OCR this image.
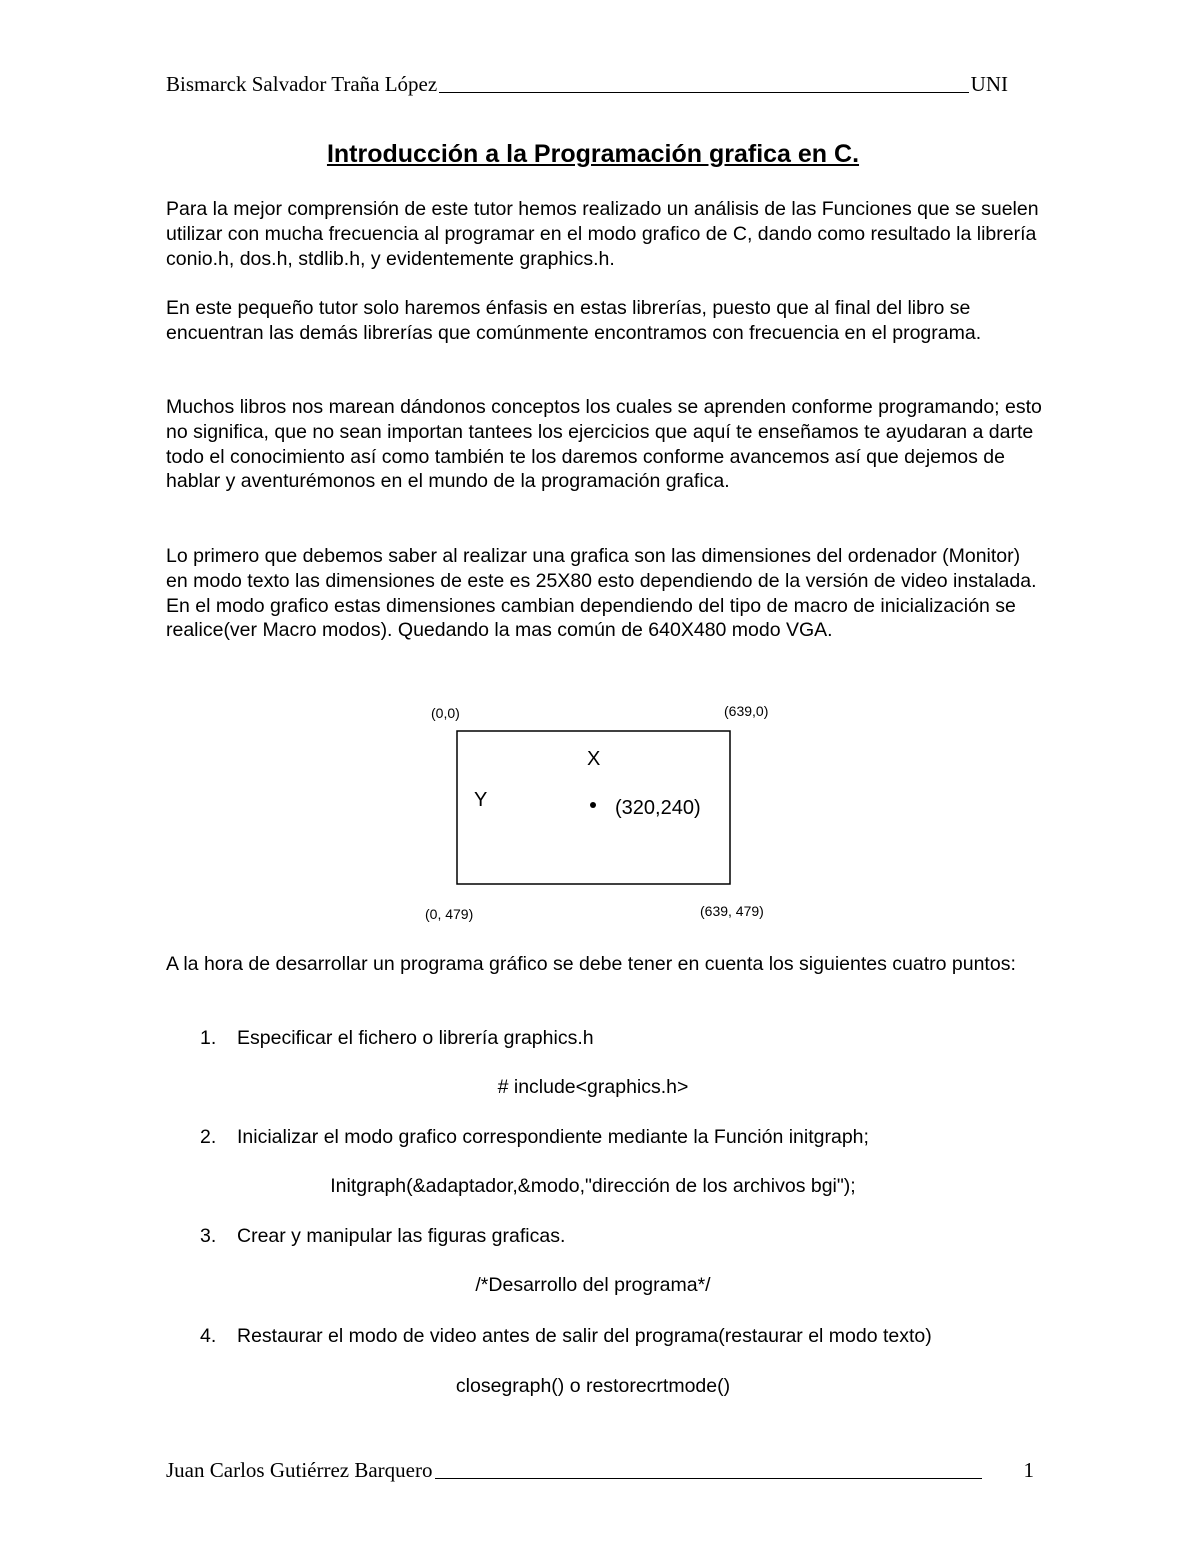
Bismarck Salvador Traña López	UNI
Introducción a la Programación grafica en C.

Para la mejor comprensión de este tutor hemos realizado un análisis de las Funciones que se suelen utilizar con mucha frecuencia al programar en el modo grafico de C, dando como resultado la librería conio.h, dos.h, stdlib.h, y evidentemente graphics.h.

En este pequeño tutor solo haremos énfasis en estas librerías, puesto que al final del libro se encuentran las demás librerías que comúnmente encontramos con frecuencia en el programa.

Muchos libros nos marean dándonos conceptos los cuales se aprenden conforme programando; esto no significa, que no sean importan tantees los ejercicios que aquí te enseñamos te ayudaran a darte todo el conocimiento así como también te los daremos conforme avancemos así que dejemos de hablar y aventurémonos en el mundo de la programación grafica.

Lo primero que debemos saber al realizar una grafica son las dimensiones del ordenador (Monitor) en modo texto las dimensiones de este es 25X80 esto dependiendo de la versión de video instalada. En el modo grafico estas dimensiones cambian dependiendo del tipo de macro de inicialización se realice(ver Macro modos). Quedando la mas común de 640X480 modo VGA.

(0,0)	(639,0)
(0, 479)	(639, 479)
X
Y	(320,240)

A la hora de desarrollar un programa gráfico se debe tener en cuenta los siguientes cuatro puntos:

1.	Especificar el fichero o librería graphics.h
# include<graphics.h>
2.	Inicializar el modo grafico correspondiente mediante la Función initgraph;
Initgraph(&adaptador,&modo,"dirección de los archivos bgi");
3.	Crear y manipular las figuras graficas.
/*Desarrollo del programa*/
4.	Restaurar el modo de video antes de salir del programa(restaurar el modo texto)
closegraph() o restorecrtmode()
Juan Carlos Gutiérrez Barquero	1
